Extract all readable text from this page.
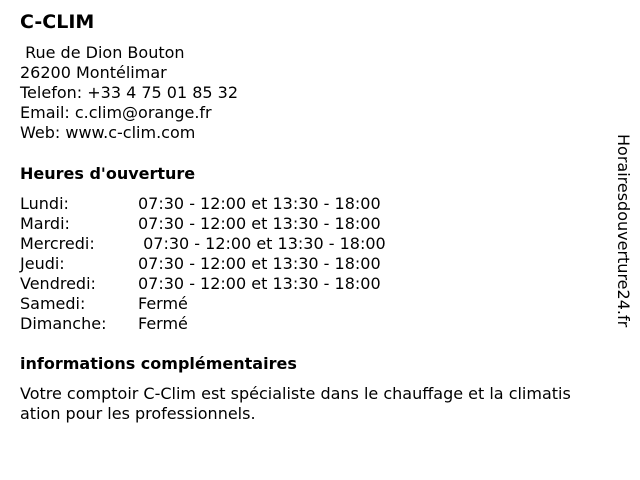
C-CLIM
Rue de Dion Bouton
26200 Montélimar
Telefon: +33 4 75 01 85 32
Email: c.clim@orange.fr
Web: www.c-clim.com
Heures d'ouverture
Lundi:	07:30 - 12:00 et 13:30 - 18:00
Mardi:	07:30 - 12:00 et 13:30 - 18:00
Mercredi:	07:30 - 12:00 et 13:30 - 18:00
Jeudi:	07:30 - 12:00 et 13:30 - 18:00
Vendredi:	07:30 - 12:00 et 13:30 - 18:00
Samedi:	Fermé
Dimanche: Fermé
informations complémentaires
Votre comptoir C-Clim est spécialiste dans le chauffage et la climatis
ation pour les professionnels.
Horairesdouverture24.fr
